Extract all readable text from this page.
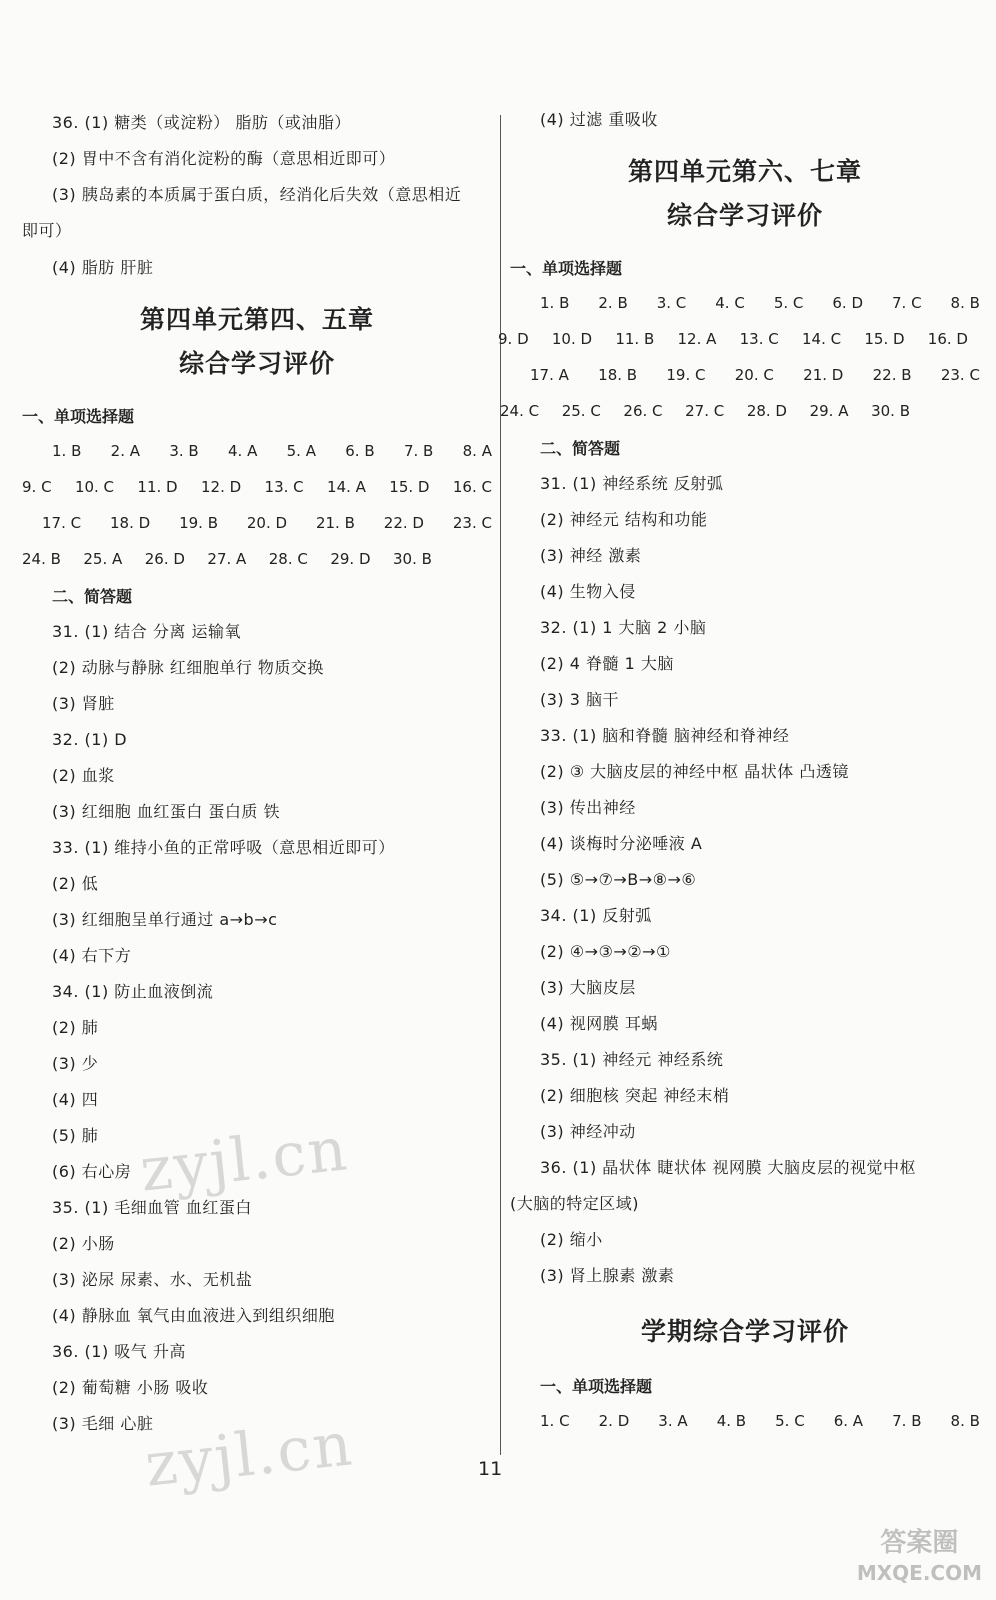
36. (1) 糖类（或淀粉） 脂肪（或油脂）
(2) 胃中不含有消化淀粉的酶（意思相近即可）
(3) 胰岛素的本质属于蛋白质，经消化后失效（意思相近
即可）
(4) 脂肪 肝脏
第四单元第四、五章
综合学习评价
一、单项选择题
1. B 2. A 3. B 4. A 5. A 6. B 7. B 8. A
9. C 10. C 11. D 12. D 13. C 14. A 15. D 16. C
17. C 18. D 19. B 20. D 21. B 22. D 23. C
24. B 25. A 26. D 27. A 28. C 29. D 30. B
二、简答题
31. (1) 结合 分离 运输氧
(2) 动脉与静脉 红细胞单行 物质交换
(3) 肾脏
32. (1) D
(2) 血浆
(3) 红细胞 血红蛋白 蛋白质 铁
33. (1) 维持小鱼的正常呼吸（意思相近即可）
(2) 低
(3) 红细胞呈单行通过 a→b→c
(4) 右下方
34. (1) 防止血液倒流
(2) 肺
(3) 少
(4) 四
(5) 肺
(6) 右心房
35. (1) 毛细血管 血红蛋白
(2) 小肠
(3) 泌尿 尿素、水、无机盐
(4) 静脉血 氧气由血液进入到组织细胞
36. (1) 吸气 升高
(2) 葡萄糖 小肠 吸收
(3) 毛细 心脏
(4) 过滤 重吸收
第四单元第六、七章
综合学习评价
一、单项选择题
1. B 2. B 3. C 4. C 5. C 6. D 7. C 8. B
9. D 10. D 11. B 12. A 13. C 14. C 15. D 16. D
17. A 18. B 19. C 20. C 21. D 22. B 23. C
24. C 25. C 26. C 27. C 28. D 29. A 30. B
二、简答题
31. (1) 神经系统 反射弧
(2) 神经元 结构和功能
(3) 神经 激素
(4) 生物入侵
32. (1) 1 大脑 2 小脑
(2) 4 脊髓 1 大脑
(3) 3 脑干
33. (1) 脑和脊髓 脑神经和脊神经
(2) ③ 大脑皮层的神经中枢 晶状体 凸透镜
(3) 传出神经
(4) 谈梅时分泌唾液 A
(5) ⑤→⑦→B→⑧→⑥
34. (1) 反射弧
(2) ④→③→②→①
(3) 大脑皮层
(4) 视网膜 耳蜗
35. (1) 神经元 神经系统
(2) 细胞核 突起 神经末梢
(3) 神经冲动
36. (1) 晶状体 睫状体 视网膜 大脑皮层的视觉中枢
(大脑的特定区域)
(2) 缩小
(3) 肾上腺素 激素
学期综合学习评价
一、单项选择题
1. C 2. D 3. A 4. B 5. C 6. A 7. B 8. B
11
zyjl.cn
zyjl.cn
答案圈
MXQE.COM
